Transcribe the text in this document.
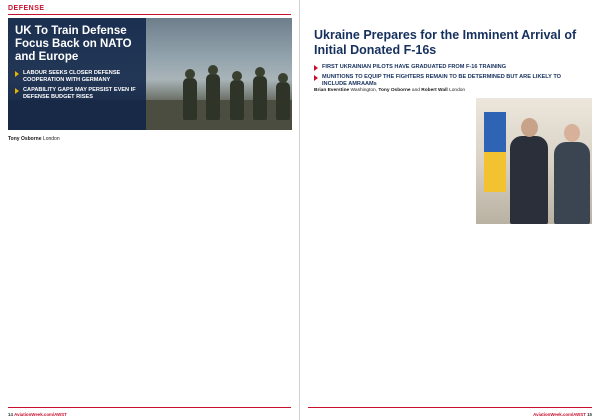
DEFENSE
UK To Train Defense Focus Back on NATO and Europe
LABOUR SEEKS CLOSER DEFENSE COOPERATION WITH GERMANY
CAPABILITY GAPS MAY PERSIST EVEN IF DEFENSE BUDGET RISES
Tony Osborne London
14 AviationWeek.com/AWST
Ukraine Prepares for the Imminent Arrival of Initial Donated F-16s
FIRST UKRAINIAN PILOTS HAVE GRADUATED FROM F-16 TRAINING
MUNITIONS TO EQUIP THE FIGHTERS REMAIN TO BE DETERMINED BUT ARE LIKELY TO INCLUDE AMRAAMs
Brian Everstine Washington, Tony Osborne and Robert Wall London
AviationWeek.com/AWST 15
